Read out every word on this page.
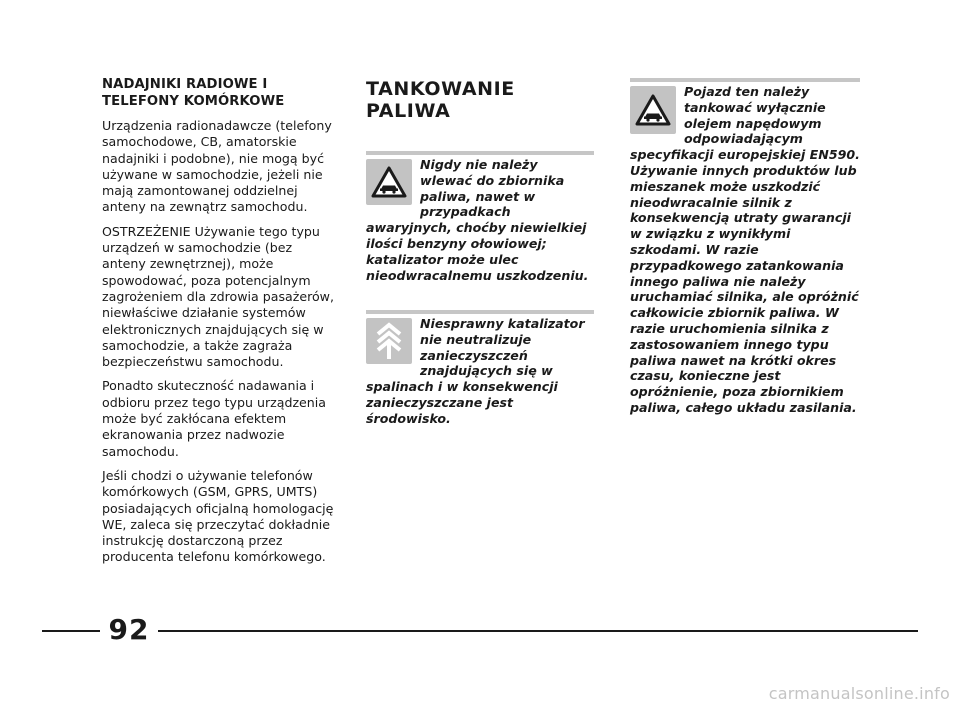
NADAJNIKI RADIOWE I TELEFONY KOMÓRKOWE

Urządzenia radionadawcze (telefony samochodowe, CB, amatorskie nadajniki i podobne), nie mogą być używane w samochodzie, jeżeli nie mają zamontowanej oddzielnej anteny na zewnątrz samochodu.

OSTRZEŻENIE Używanie tego typu urządzeń w samochodzie (bez anteny zewnętrznej), może spowodować, poza potencjalnym zagrożeniem dla zdrowia pasażerów, niewłaściwe działanie systemów elektronicznych znajdujących się w samochodzie, a także zagraża bezpieczeństwu samochodu.

Ponadto skuteczność nadawania i odbioru przez tego typu urządzenia może być zakłócana efektem ekranowania przez nadwozie samochodu.

Jeśli chodzi o używanie telefonów komórkowych (GSM, GPRS, UMTS) posiadających oficjalną homologację WE, zaleca się przeczytać dokładnie instrukcję dostarczoną przez producenta telefonu komórkowego.

TANKOWANIE
PALIWA
Nigdy nie należy wlewać do zbiornika paliwa, nawet w przypadkach awaryjnych, choćby niewielkiej ilości benzyny ołowiowej; katalizator może ulec nieodwracalnemu uszkodzeniu.
Niesprawny katalizator nie neutralizuje zanieczyszczeń znajdujących się w spalinach i w konsekwencji zanieczyszczane jest środowisko.
Pojazd ten należy tankować wyłącznie olejem napędowym odpowiadającym specyfikacji europejskiej EN590. Używanie innych produktów lub mieszanek może uszkodzić nieodwracalnie silnik z konsekwencją utraty gwarancji w związku z wynikłymi szkodami. W razie przypadkowego zatankowania innego paliwa nie należy uruchamiać silnika, ale opróżnić całkowicie zbiornik paliwa. W razie uruchomienia silnika z zastosowaniem innego typu paliwa nawet na krótki okres czasu, konieczne jest opróżnienie, poza zbiornikiem paliwa, całego układu zasilania.
92
carmanualsonline.info
